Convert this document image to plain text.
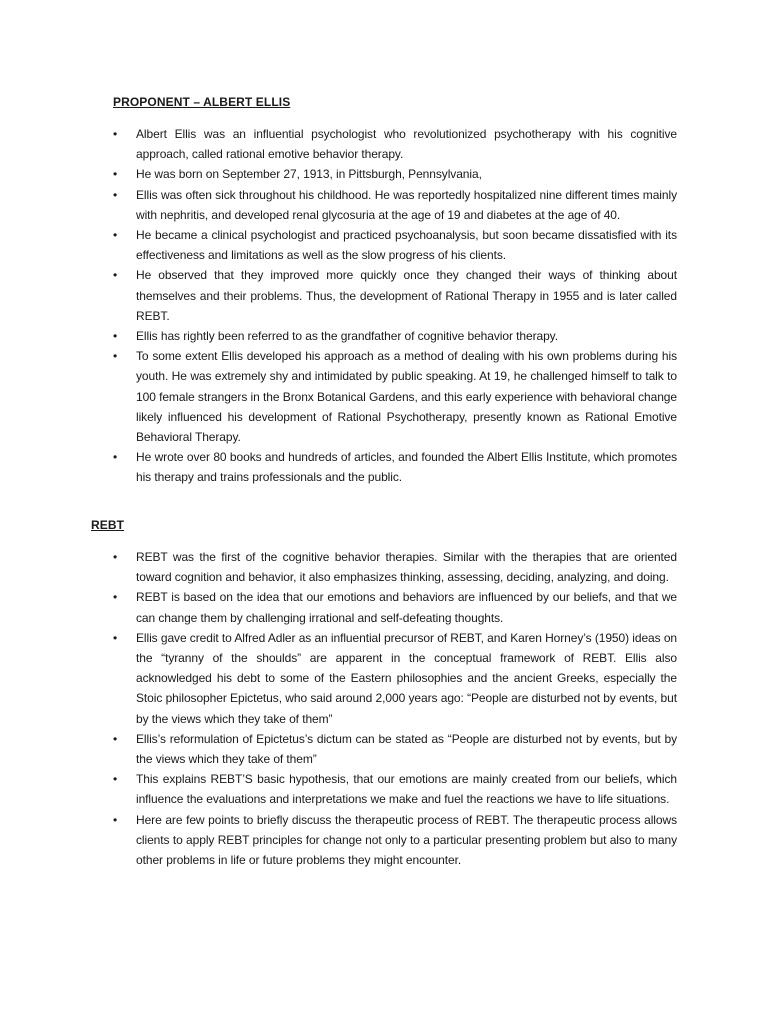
PROPONENT – ALBERT ELLIS
• Albert Ellis was an influential psychologist who revolutionized psychotherapy with his cognitive approach, called rational emotive behavior therapy.
• He was born on September 27, 1913, in Pittsburgh, Pennsylvania,
• Ellis was often sick throughout his childhood. He was reportedly hospitalized nine different times mainly with nephritis, and developed renal glycosuria at the age of 19 and diabetes at the age of 40.
• He became a clinical psychologist and practiced psychoanalysis, but soon became dissatisfied with its effectiveness and limitations as well as the slow progress of his clients.
• He observed that they improved more quickly once they changed their ways of thinking about themselves and their problems. Thus, the development of Rational Therapy in 1955 and is later called REBT.
• Ellis has rightly been referred to as the grandfather of cognitive behavior therapy.
• To some extent Ellis developed his approach as a method of dealing with his own problems during his youth. He was extremely shy and intimidated by public speaking. At 19, he challenged himself to talk to 100 female strangers in the Bronx Botanical Gardens, and this early experience with behavioral change likely influenced his development of Rational Psychotherapy, presently known as Rational Emotive Behavioral Therapy.
• He wrote over 80 books and hundreds of articles, and founded the Albert Ellis Institute, which promotes his therapy and trains professionals and the public.
REBT
• REBT was the first of the cognitive behavior therapies. Similar with the therapies that are oriented toward cognition and behavior, it also emphasizes thinking, assessing, deciding, analyzing, and doing.
• REBT is based on the idea that our emotions and behaviors are influenced by our beliefs, and that we can change them by challenging irrational and self-defeating thoughts.
• Ellis gave credit to Alfred Adler as an influential precursor of REBT, and Karen Horney’s (1950) ideas on the “tyranny of the shoulds” are apparent in the conceptual framework of REBT. Ellis also acknowledged his debt to some of the Eastern philosophies and the ancient Greeks, especially the Stoic philosopher Epictetus, who said around 2,000 years ago: “People are disturbed not by events, but by the views which they take of them”
• Ellis’s reformulation of Epictetus’s dictum can be stated as “People are disturbed not by events, but by the views which they take of them”
• This explains REBT’S basic hypothesis, that our emotions are mainly created from our beliefs, which influence the evaluations and interpretations we make and fuel the reactions we have to life situations.
• Here are few points to briefly discuss the therapeutic process of REBT. The therapeutic process allows clients to apply REBT principles for change not only to a particular presenting problem but also to many other problems in life or future problems they might encounter.
